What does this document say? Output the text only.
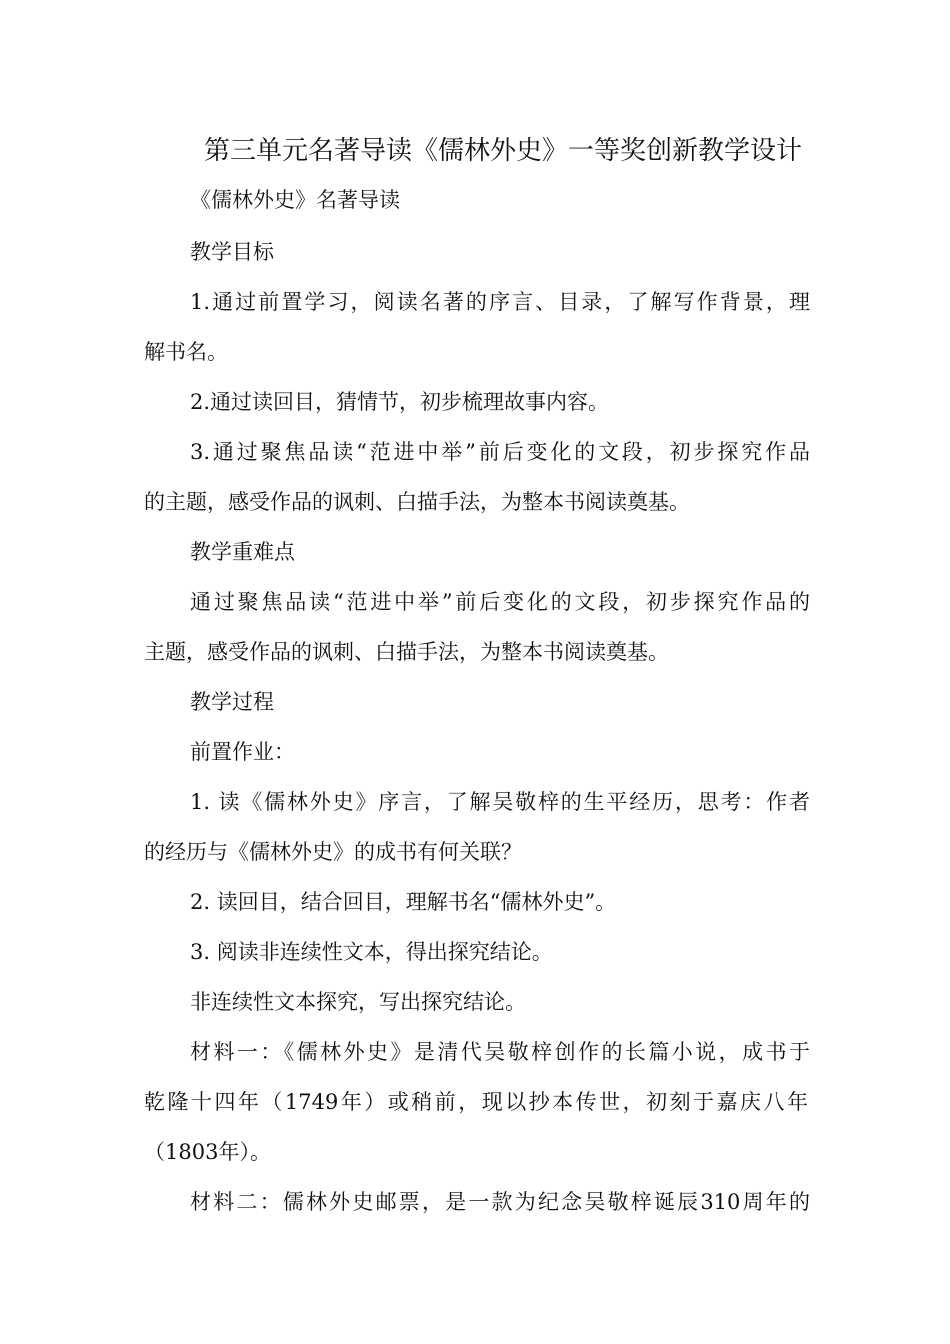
第三单元名著导读《儒林外史》一等奖创新教学设计
《儒林外史》名著导读
教学目标
1.通过前置学习，阅读名著的序言、目录，了解写作背景，理
解书名。
2.通过读回目，猜情节，初步梳理故事内容。
3.通过聚焦品读“范进中举”前后变化的文段，初步探究作品
的主题，感受作品的讽刺、白描手法，为整本书阅读奠基。
教学重难点
通过聚焦品读“范进中举”前后变化的文段，初步探究作品的
主题，感受作品的讽刺、白描手法，为整本书阅读奠基。
教学过程
前置作业：
1. 读《儒林外史》序言，了解吴敬梓的生平经历，思考：作者
的经历与《儒林外史》的成书有何关联？
2. 读回目，结合回目，理解书名“儒林外史”。
3. 阅读非连续性文本，得出探究结论。
非连续性文本探究，写出探究结论。
材料一：《儒林外史》是清代吴敬梓创作的长篇小说，成书于
乾隆十四年（1749年）或稍前，现以抄本传世，初刻于嘉庆八年
（1803年）。
材料二：儒林外史邮票，是一款为纪念吴敬梓诞辰310周年的
